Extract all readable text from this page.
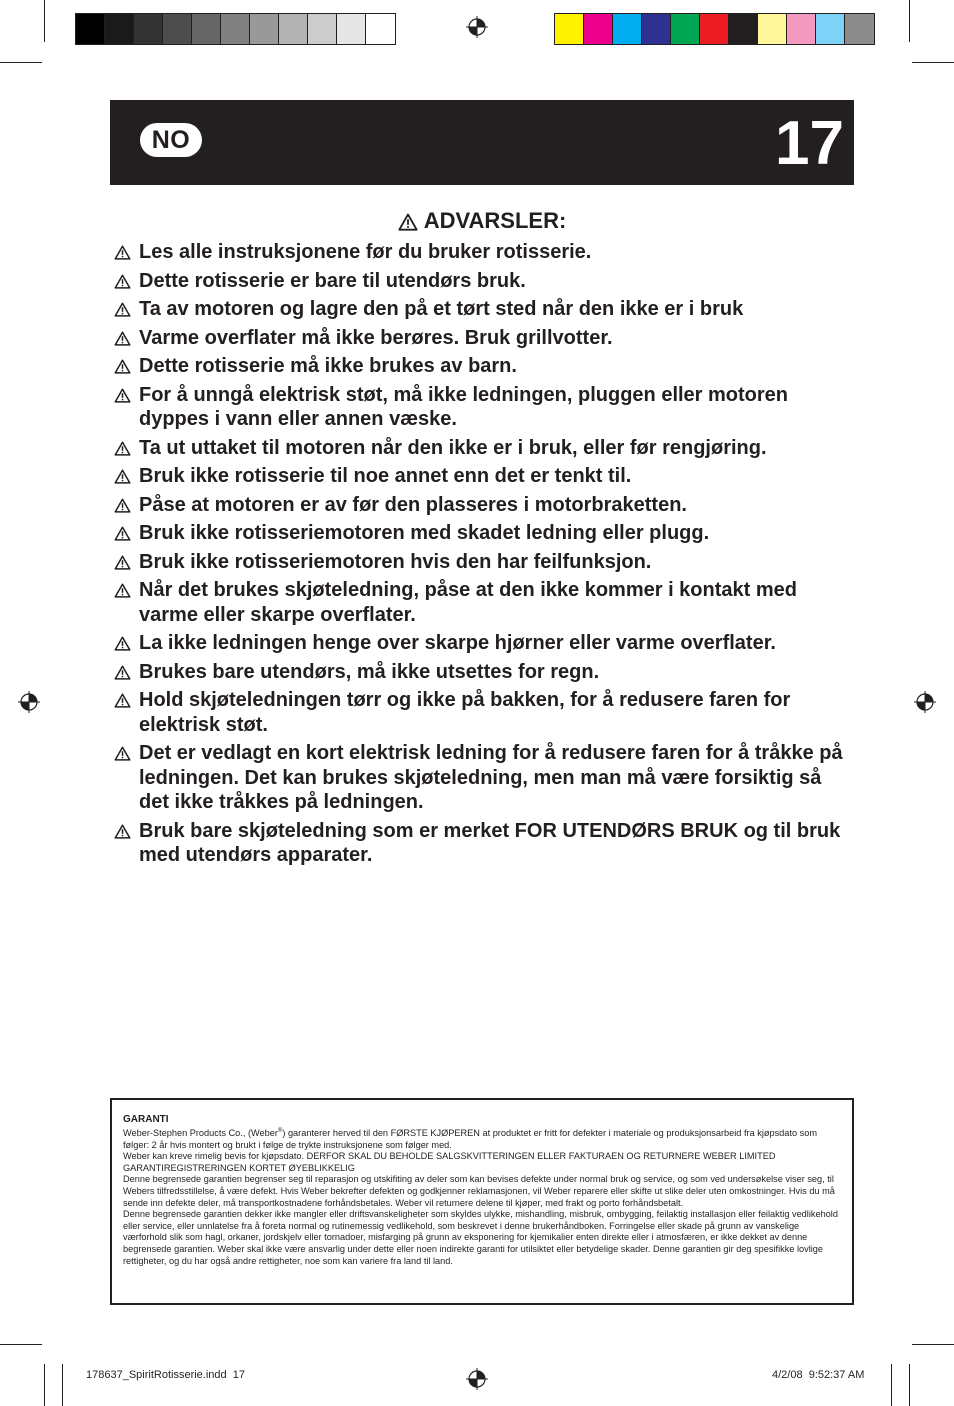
NO	17
ADVARSLER:
Les alle instruksjonene før du bruker rotisserie.
Dette rotisserie er bare til utendørs bruk.
Ta av motoren og lagre den på et tørt sted når den ikke er i bruk
Varme overflater må ikke berøres. Bruk grillvotter.
Dette rotisserie må ikke brukes av barn.
For å unngå elektrisk støt, må ikke ledningen, pluggen eller motoren dyppes i vann eller annen væske.
Ta ut uttaket til motoren når den ikke er i bruk, eller før rengjøring.
Bruk ikke rotisserie til noe annet enn det er tenkt til.
Påse at motoren er av før den plasseres i motorbraketten.
Bruk ikke rotisseriemotoren med skadet ledning eller plugg.
Bruk ikke rotisseriemotoren hvis den har feilfunksjon.
Når det brukes skjøteledning, påse at den ikke kommer i kontakt med varme eller skarpe overflater.
La ikke ledningen henge over skarpe hjørner eller varme overflater.
Brukes bare utendørs, må ikke utsettes for regn.
Hold skjøteledningen tørr og ikke på bakken, for å redusere faren for elektrisk støt.
Det er vedlagt en kort elektrisk ledning for å redusere faren for å tråkke på ledningen. Det kan brukes skjøteledning, men man må være forsiktig så det ikke tråkkes på ledningen.
Bruk bare skjøteledning som er merket FOR UTENDØRS BRUK og til bruk med utendørs apparater.

GARANTI

Weber-Stephen Products Co., (Weber®) garanterer herved til den FØRSTE KJØPEREN at produktet er fritt for defekter i materiale og produksjonsarbeid fra kjøpsdato som følger: 2 år hvis montert og brukt i følge de trykte instruksjonene som følger med.

Weber kan kreve rimelig bevis for kjøpsdato. DERFOR SKAL DU BEHOLDE SALGSKVITTERINGEN ELLER FAKTURAEN OG RETURNERE WEBER LIMITED GARANTIREGISTRERINGEN KORTET ØYEBLIKKELIG

Denne begrensede garantien begrenser seg til reparasjon og utskifiting av deler som kan bevises defekte under normal bruk og service, og som ved undersøkelse viser seg, til Webers tilfredsstillelse, å være defekt. Hvis Weber bekrefter defekten og godkjenner reklamasjonen, vil Weber reparere eller skifte ut slike deler uten omkostninger. Hvis du må sende inn defekte deler, må transportkostnadene forhåndsbetales. Weber vil returnere delene til kjøper, med frakt og porto forhåndsbetalt.

Denne begrensede garantien dekker ikke mangler eller driftsvanskeligheter som skyldes ulykke, mishandling, misbruk, ombygging, feilaktig installasjon eller feilaktig vedlikehold eller service, eller unnlatelse fra å foreta normal og rutinemessig vedlikehold, som beskrevet i denne brukerhåndboken. Forringelse eller skade på grunn av vanskelige værforhold slik som hagl, orkaner, jordskjelv eller tornadoer, misfarging på grunn av eksponering for kjemikalier enten direkte eller i atmosfæren, er ikke dekket av denne begrensede garantien. Weber skal ikke være ansvarlig under dette eller noen indirekte garanti for utilsiktet eller betydelige skader. Denne garantien gir deg spesifikke lovlige rettigheter, og du har også andre rettigheter, noe som kan variere fra land til land.

178637_SpiritRotisserie.indd 17	4/2/08 9:52:37 AM
